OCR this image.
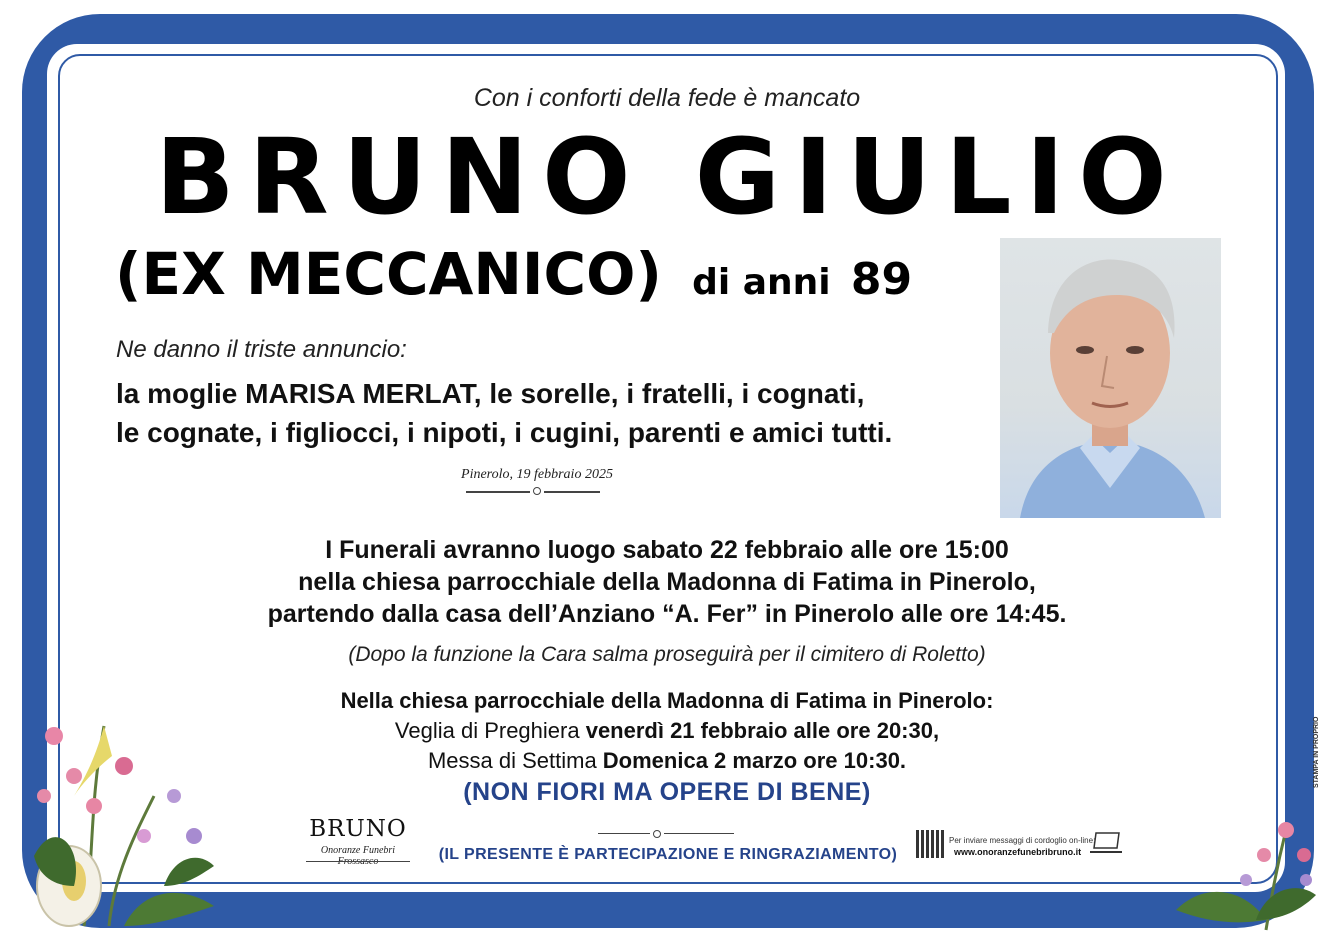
Con i conforti della fede è mancato
BRUNO GIULIO
(EX MECCANICO) di anni 89
Ne danno il triste annuncio:
la moglie MARISA MERLAT, le sorelle, i fratelli, i cognati,
le cognate, i figliocci, i nipoti, i cugini, parenti e amici tutti.
Pinerolo, 19 febbraio 2025
I Funerali avranno luogo sabato 22 febbraio alle ore 15:00
nella chiesa parrocchiale della Madonna di Fatima in Pinerolo,
partendo dalla casa dell’Anziano “A. Fer” in Pinerolo alle ore 14:45.
(Dopo la funzione la Cara salma proseguirà per il cimitero di Roletto)
Nella chiesa parrocchiale della Madonna di Fatima in Pinerolo:
Veglia di Preghiera venerdì 21 febbraio alle ore 20:30,
Messa di Settima Domenica 2 marzo ore 10:30.
(NON FIORI MA OPERE DI BENE)
BRUNO
Onoranze Funebri	(IL PRESENTE È PARTECIPAZIONE E RINGRAZIAMENTO)
Per inviare messaggi di cordoglio on-line:
www.onoranzefunebribruno.it
STAMPA IN PROPRIO
